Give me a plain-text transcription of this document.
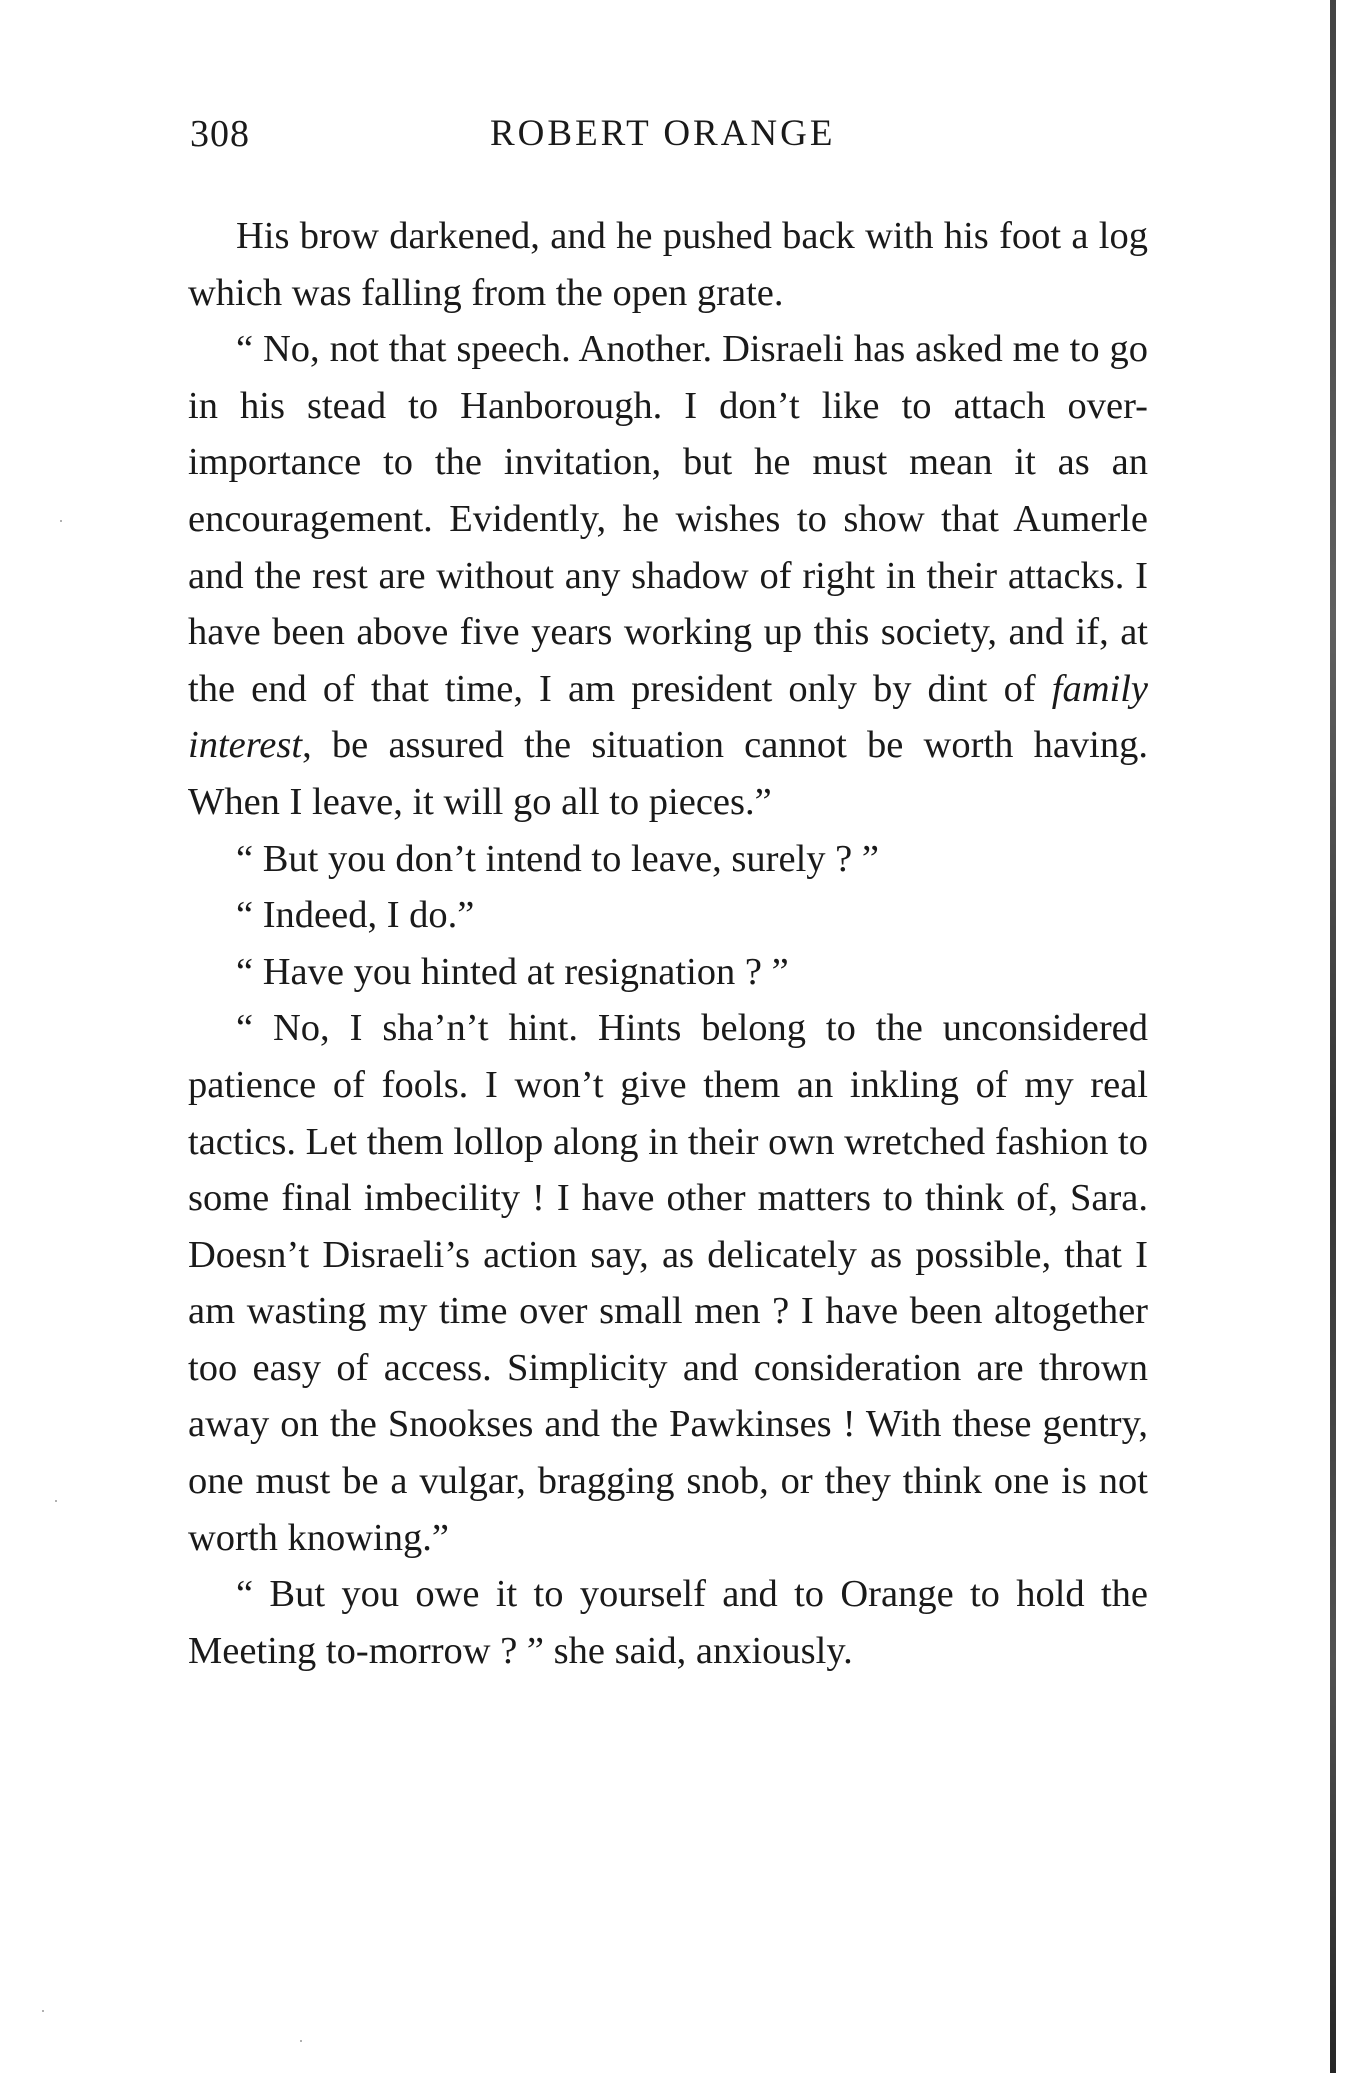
308	ROBERT ORANGE

His brow darkened, and he pushed back with his foot a log which was falling from the open grate.

“ No, not that speech. Another. Disraeli has asked me to go in his stead to Hanborough. I don’t like to attach over-importance to the invitation, but he must mean it as an encouragement. Evidently, he wishes to show that Aumerle and the rest are without any shadow of right in their attacks. I have been above five years working up this society, and if, at the end of that time, I am president only by dint of family interest, be assured the situation cannot be worth having. When I leave, it will go all to pieces.”

“ But you don’t intend to leave, surely ? ”

“ Indeed, I do.”

“ Have you hinted at resignation ? ”

“ No, I sha’n’t hint. Hints belong to the unconsidered patience of fools. I won’t give them an inkling of my real tactics. Let them lollop along in their own wretched fashion to some final imbecility ! I have other matters to think of, Sara. Doesn’t Disraeli’s action say, as delicately as possible, that I am wasting my time over small men ? I have been altogether too easy of access. Simplicity and consideration are thrown away on the Snookses and the Pawkinses ! With these gentry, one must be a vulgar, bragging snob, or they think one is not worth knowing.”

“ But you owe it to yourself and to Orange to hold the Meeting to-morrow ? ” she said, anxiously.
